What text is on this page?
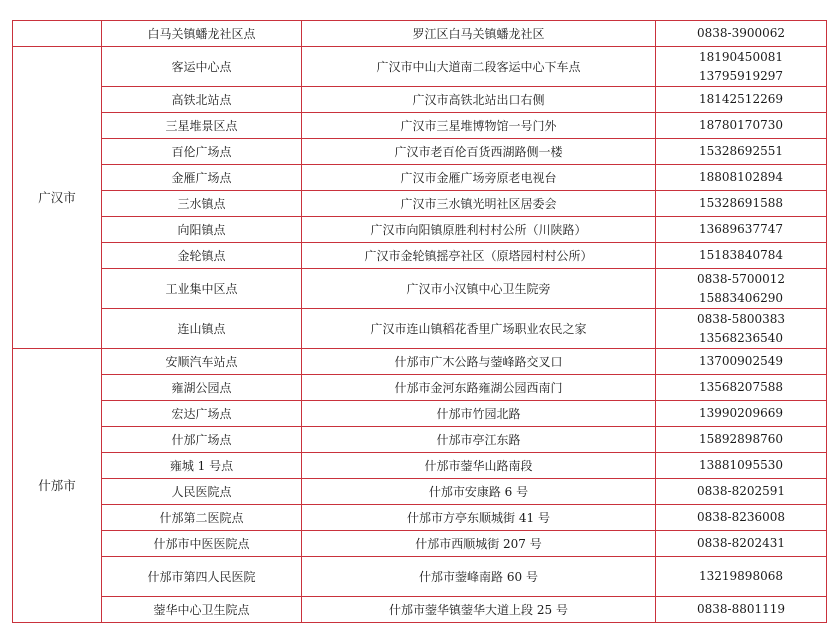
	白马关镇蟠龙社区点	罗江区白马关镇蟠龙社区	0838-3900062

广汉市	客运中心点	广汉市中山大道南二段客运中心下车点	18190450081
13795919297

	高铁北站点	广汉市高铁北站出口右侧	18142512269

	三星堆景区点	广汉市三星堆博物馆一号门外	18780170730

	百伦广场点	广汉市老百伦百货西湖路侧一楼	15328692551

	金雁广场点	广汉市金雁广场旁原老电视台	18808102894

	三水镇点	广汉市三水镇光明社区居委会	15328691588

	向阳镇点	广汉市向阳镇原胜利村村公所（川陕路）	13689637747

	金轮镇点	广汉市金轮镇摇亭社区（原塔园村村公所）	15183840784

	工业集中区点	广汉市小汉镇中心卫生院旁	0838-5700012
15883406290

	连山镇点	广汉市连山镇稻花香里广场职业农民之家	0838-5800383
13568236540

什邡市	安顺汽车站点	什邡市广木公路与蓥峰路交叉口	13700902549

	雍湖公园点	什邡市金河东路雍湖公园西南门	13568207588

	宏达广场点	什邡市竹园北路	13990209669

	什邡广场点	什邡市亭江东路	15892898760

	雍城 1 号点	什邡市蓥华山路南段	13881095530

	人民医院点	什邡市安康路 6 号	0838-8202591

	什邡第二医院点	什邡市方亭东顺城街 41 号	0838-8236008

	什邡市中医医院点	什邡市西顺城街 207 号	0838-8202431

	什邡市第四人民医院	什邡市蓥峰南路 60 号	13219898068

	蓥华中心卫生院点	什邡市蓥华镇蓥华大道上段 25 号	0838-8801119
